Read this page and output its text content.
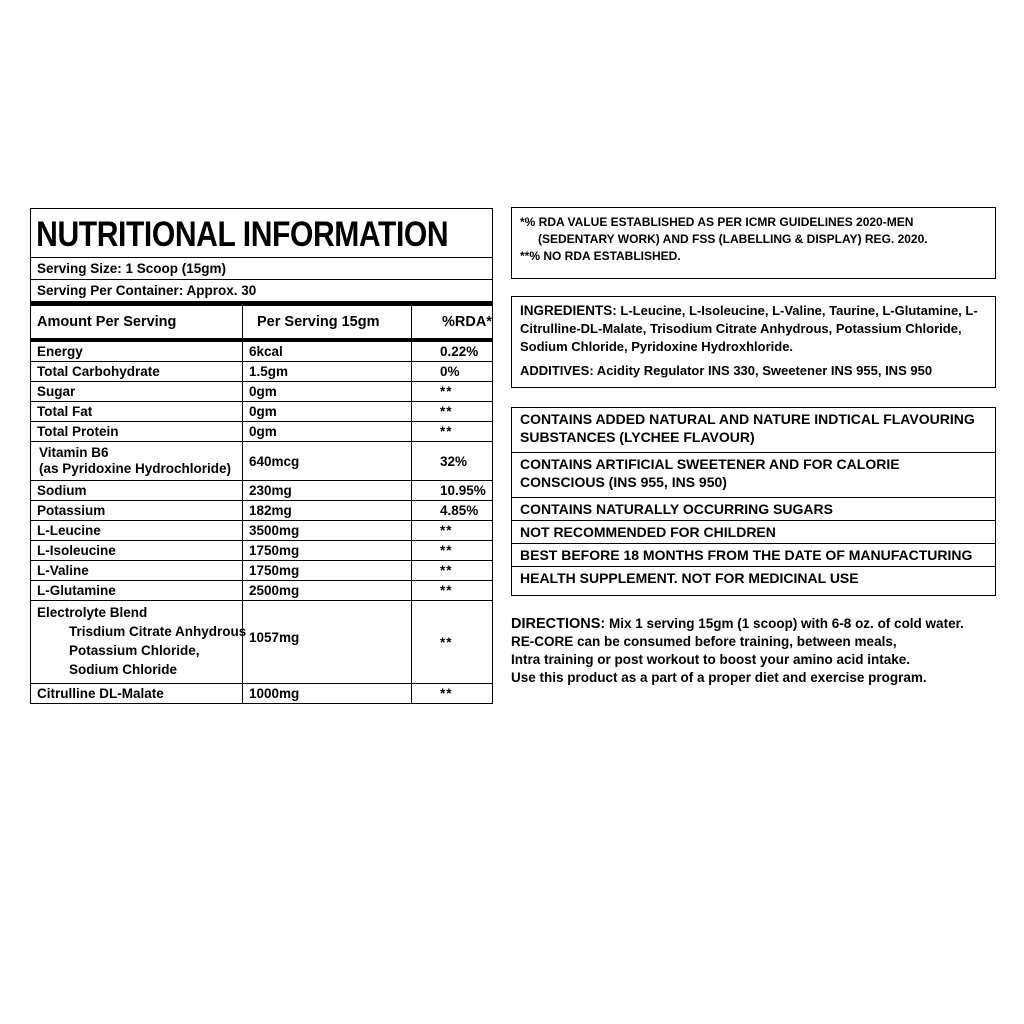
NUTRITIONAL INFORMATION
Serving Size: 1 Scoop (15gm)
Serving Per Container: Approx. 30
Amount Per Serving	Per Serving 15gm	%RDA*
Energy	6kcal	0.22%
Total Carbohydrate	1.5gm	0%
Sugar	0gm	**
Total Fat	0gm	**
Total Protein	0gm	**

Vitamin B6
(as Pyridoxine Hydrochloride)	640mcg	32%
Sodium	230mg	10.95%
Potassium	182mg	4.85%
L-Leucine	3500mg	**
L-Isoleucine	1750mg	**
L-Valine	1750mg	**
L-Glutamine	2500mg	**

Electrolyte Blend
Trisdium Citrate Anhydrous
Potassium Chloride,
Sodium Chloride	1057mg	**
Citrulline DL-Malate	1000mg	**
*% RDA VALUE ESTABLISHED AS PER ICMR GUIDELINES 2020-MEN
(SEDENTARY WORK) AND FSS (LABELLING & DISPLAY) REG. 2020.
**% NO RDA ESTABLISHED.
INGREDIENTS: L-Leucine, L-Isoleucine, L-Valine, Taurine, L-Glutamine, L-Citrulline-DL-Malate, Trisodium Citrate Anhydrous, Potassium Chloride, Sodium Chloride, Pyridoxine Hydroxhloride.
ADDITIVES: Acidity Regulator INS 330, Sweetener INS 955, INS 950
CONTAINS ADDED NATURAL AND NATURE INDTICAL FLAVOURING SUBSTANCES (LYCHEE FLAVOUR)
CONTAINS ARTIFICIAL SWEETENER AND FOR CALORIE CONSCIOUS (INS 955, INS 950)
CONTAINS NATURALLY OCCURRING SUGARS
NOT RECOMMENDED FOR CHILDREN
BEST BEFORE 18 MONTHS FROM THE DATE OF MANUFACTURING
HEALTH SUPPLEMENT. NOT FOR MEDICINAL USE
DIRECTIONS: Mix 1 serving 15gm (1 scoop) with 6-8 oz. of cold water.
RE-CORE can be consumed before training, between meals,
Intra training or post workout to boost your amino acid intake.
Use this product as a part of a proper diet and exercise program.
